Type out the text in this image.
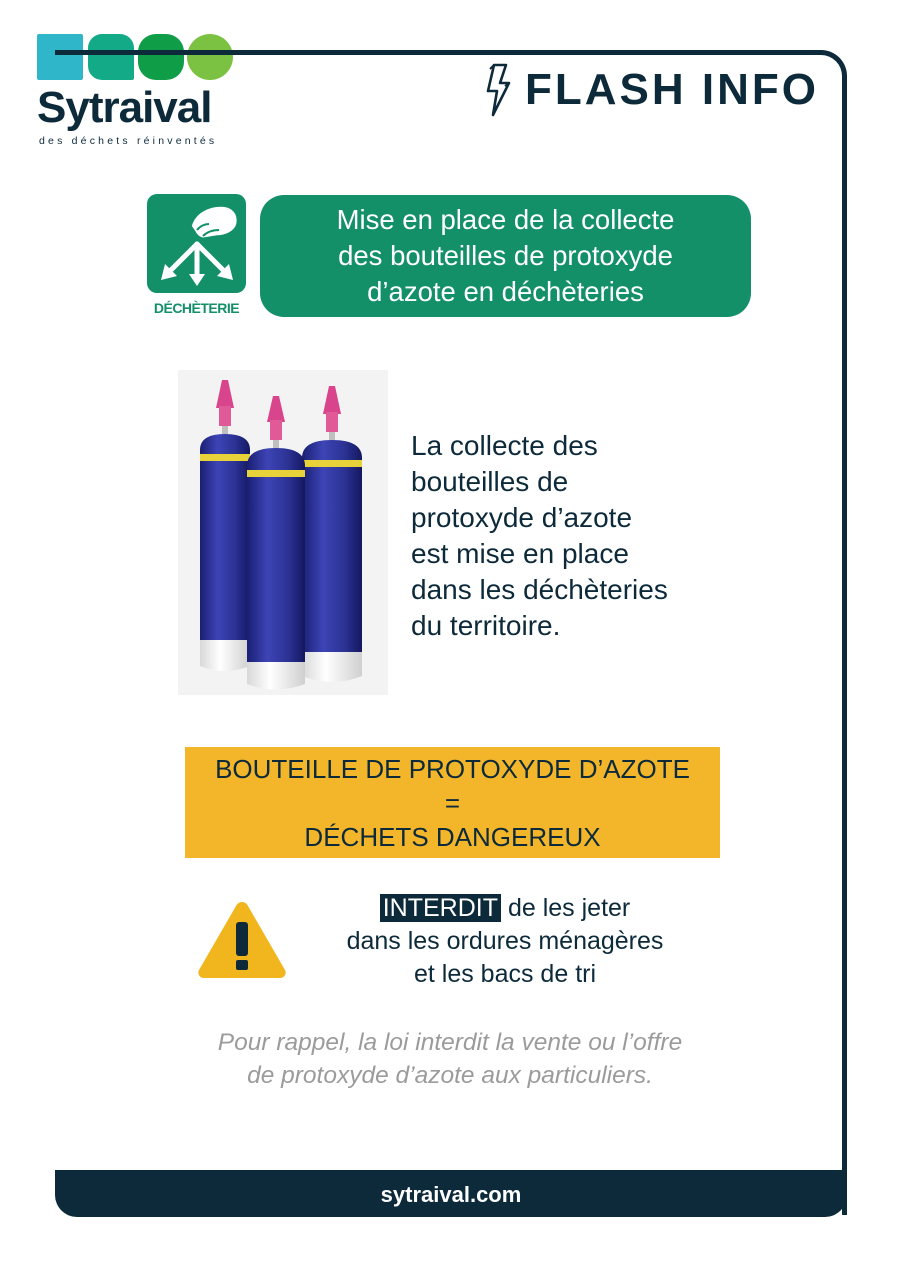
Sytraival
des déchets réinventés
FLASH INFO
DÉCHÈTERIE
Mise en place de la collecte
des bouteilles de protoxyde
d’azote en déchèteries
La collecte des
bouteilles de
protoxyde d’azote
est mise en place
dans les déchèteries
du territoire.
BOUTEILLE DE PROTOXYDE D’AZOTE
=
DÉCHETS DANGEREUX
INTERDIT de les jeter
dans les ordures ménagères
et les bacs de tri
Pour rappel, la loi interdit la vente ou l’offre
de protoxyde d’azote aux particuliers.
sytraival.com
